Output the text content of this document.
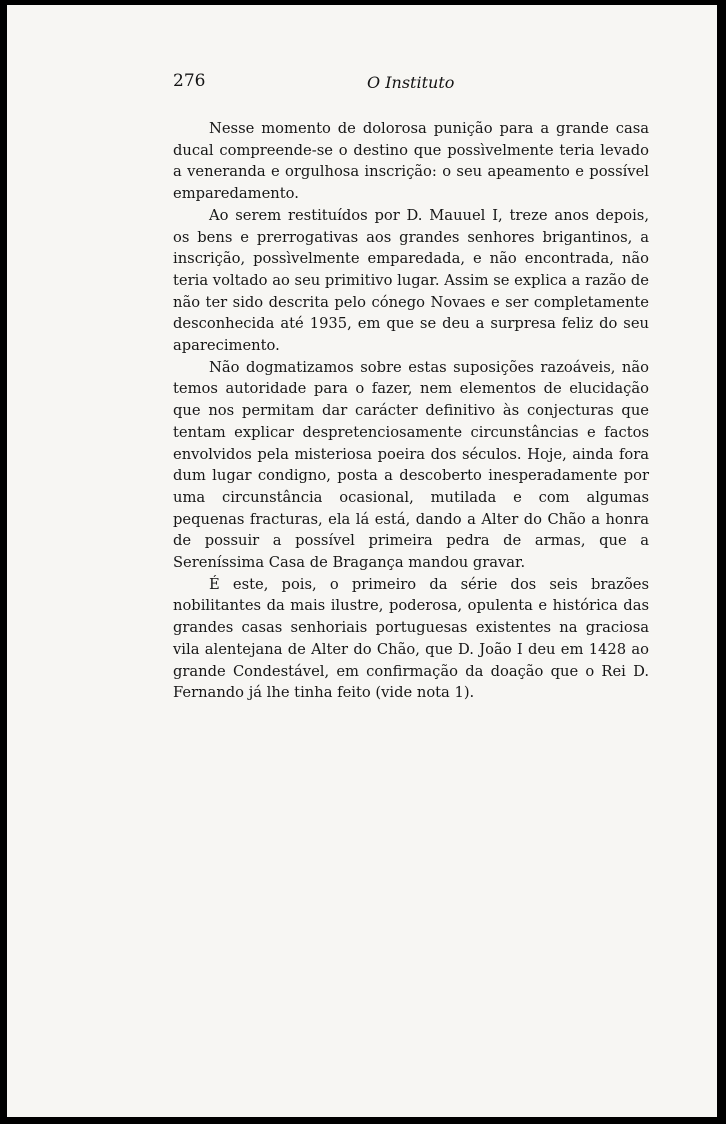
276	O Instituto

Nesse momento de dolorosa punição para a grande casa ducal compreende-se o destino que possìvelmente teria levado a veneranda e orgulhosa inscrição: o seu apeamento e possível emparedamento.

Ao serem restituídos por D. Mauuel I, treze anos depois, os bens e prerrogativas aos grandes senhores brigantinos, a inscrição, possìvelmente emparedada, e não encontrada, não teria voltado ao seu primitivo lugar. Assim se explica a razão de não ter sido descrita pelo cónego Novaes e ser completamente desconhecida até 1935, em que se deu a surpresa feliz do seu aparecimento.

Não dogmatizamos sobre estas suposições razoáveis, não temos autoridade para o fazer, nem elementos de elucidação que nos permitam dar carácter definitivo às conjecturas que tentam explicar despretenciosamente circunstâncias e factos envolvidos pela misteriosa poeira dos séculos. Hoje, ainda fora dum lugar condigno, posta a descoberto inesperadamente por uma circunstância ocasional, mutilada e com algumas pequenas fracturas, ela lá está, dando a Alter do Chão a honra de possuir a possível primeira pedra de armas, que a Sereníssima Casa de Bragança mandou gravar.

É este, pois, o primeiro da série dos seis brazões nobilitantes da mais ilustre, poderosa, opulenta e histórica das grandes casas senhoriais portuguesas existentes na graciosa vila alentejana de Alter do Chão, que D. João I deu em 1428 ao grande Condestável, em confirmação da doação que o Rei D. Fernando já lhe tinha feito (vide nota 1).
